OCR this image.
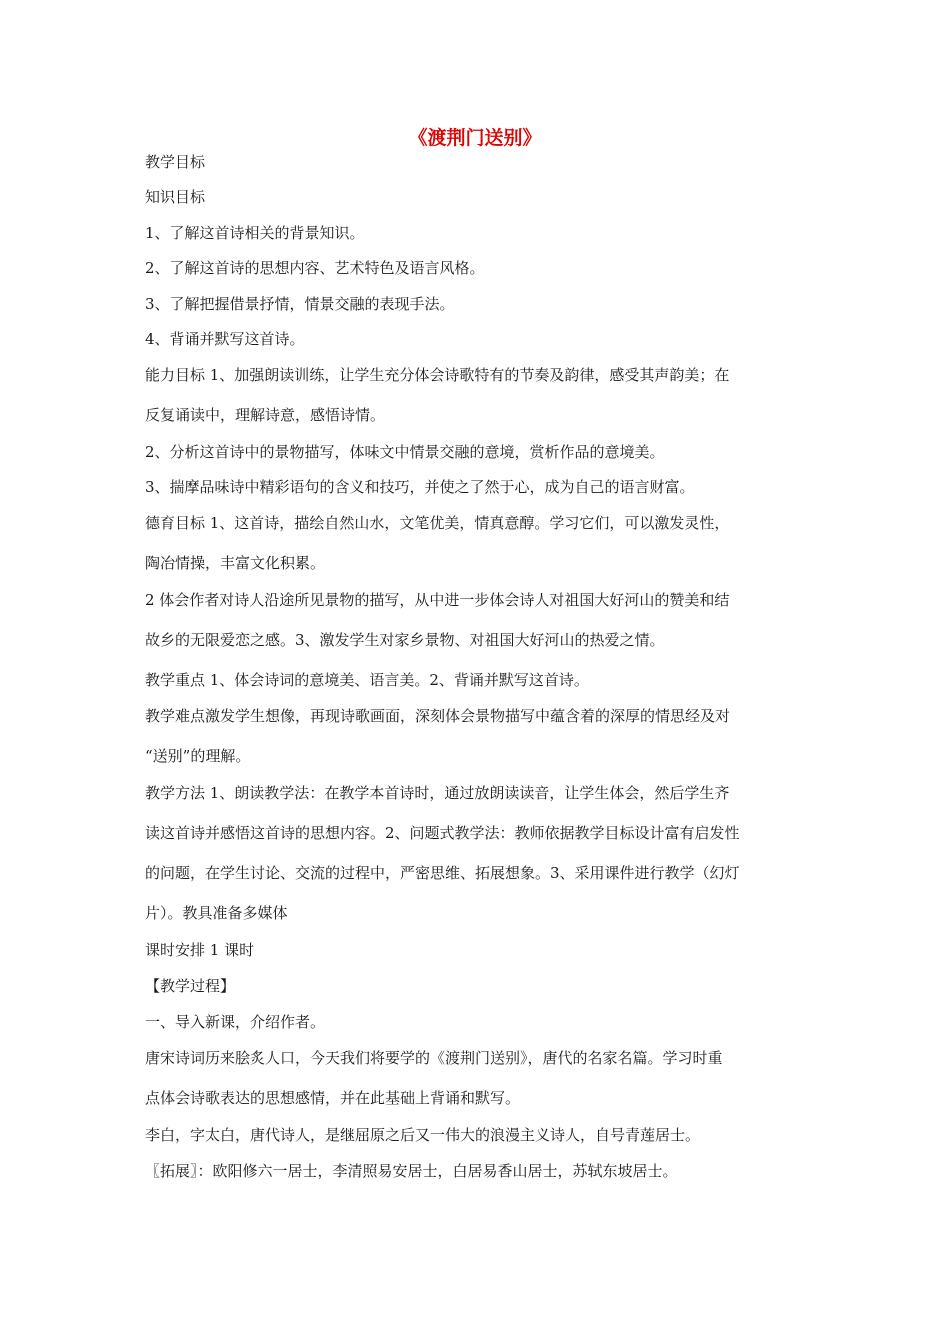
《渡荆门送别》
教学目标
知识目标
1、了解这首诗相关的背景知识。
2、了解这首诗的思想内容、艺术特色及语言风格。
3、了解把握借景抒情，情景交融的表现手法。
4、背诵并默写这首诗。
能力目标 1、加强朗读训练，让学生充分体会诗歌特有的节奏及韵律，感受其声韵美；在
反复诵读中，理解诗意，感悟诗情。
2、分析这首诗中的景物描写，体味文中情景交融的意境，赏析作品的意境美。
3、揣摩品味诗中精彩语句的含义和技巧，并使之了然于心，成为自己的语言财富。
德育目标 1、这首诗，描绘自然山水，文笔优美，情真意醇。学习它们，可以激发灵性，
陶冶情操，丰富文化积累。
2 体会作者对诗人沿途所见景物的描写，从中进一步体会诗人对祖国大好河山的赞美和结
故乡的无限爱恋之感。3、激发学生对家乡景物、对祖国大好河山的热爱之情。
教学重点 1、体会诗词的意境美、语言美。2、背诵并默写这首诗。
教学难点激发学生想像，再现诗歌画面，深刻体会景物描写中蕴含着的深厚的情思经及对
“送别”的理解。
教学方法 1、朗读教学法：在教学本首诗时，通过放朗读读音，让学生体会，然后学生齐
读这首诗并感悟这首诗的思想内容。2、问题式教学法：教师依据教学目标设计富有启发性
的问题，在学生讨论、交流的过程中，严密思维、拓展想象。3、采用课件进行教学（幻灯
片）。教具准备多媒体
课时安排 1 课时
【教学过程】
一、导入新课，介绍作者。
唐宋诗词历来脍炙人口，今天我们将要学的《渡荆门送别》，唐代的名家名篇。学习时重
点体会诗歌表达的思想感情，并在此基础上背诵和默写。
李白，字太白，唐代诗人，是继屈原之后又一伟大的浪漫主义诗人，自号青莲居士。
〖拓展〗：欧阳修六一居士，李清照易安居士，白居易香山居士，苏轼东坡居士。
